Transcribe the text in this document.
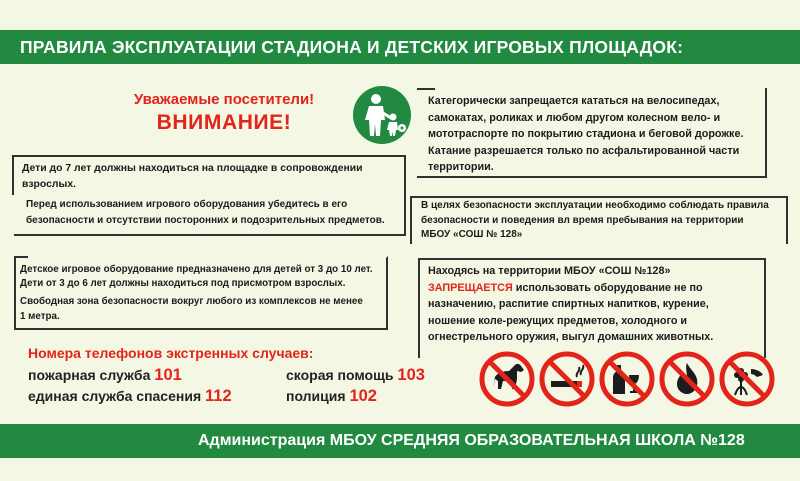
ПРАВИЛА ЭКСПЛУАТАЦИИ СТАДИОНА И ДЕТСКИХ ИГРОВЫХ ПЛОЩАДОК:
Уважаемые посетители!
ВНИМАНИЕ!
Дети до 7 лет должны находиться на площадке в сопровождении
взрослых.
Перед использованием игрового оборудования убедитесь в его
безопасности и отсутствии посторонних и подозрительных предметов.
Детское игровое оборудование предназначено для детей от 3 до 10 лет.
Дети от 3 до 6 лет должны находиться под присмотром взрослых.
Свободная зона безопасности вокруг любого из комплексов не менее
1 метра.
Категорически запрещается кататься на велосипедах,
самокатах, роликах и любом другом колесном вело- и
мототраспорте по покрытию стадиона и беговой дорожке.
Катание разрешается только по асфальтированной части
территории.
В целях безопасности эксплуатации необходимо соблюдать правила
безопасности и поведения вл время пребывания на территории
МБОУ «СОШ № 128»
Находясь на территории МБОУ «СОШ №128»
ЗАПРЕЩАЕТСЯ использовать оборудование не по
назначению, распитие спиртных напитков, курение,
ношение коле-режущих предметов, холодного и
огнестрельного оружия, выгул домашних животных.
Номера телефонов экстренных случаев:
пожарная служба 101
единая служба спасения 112
скорая помощь 103
полиция 102
Администрация МБОУ СРЕДНЯЯ ОБРАЗОВАТЕЛЬНАЯ ШКОЛА №128
